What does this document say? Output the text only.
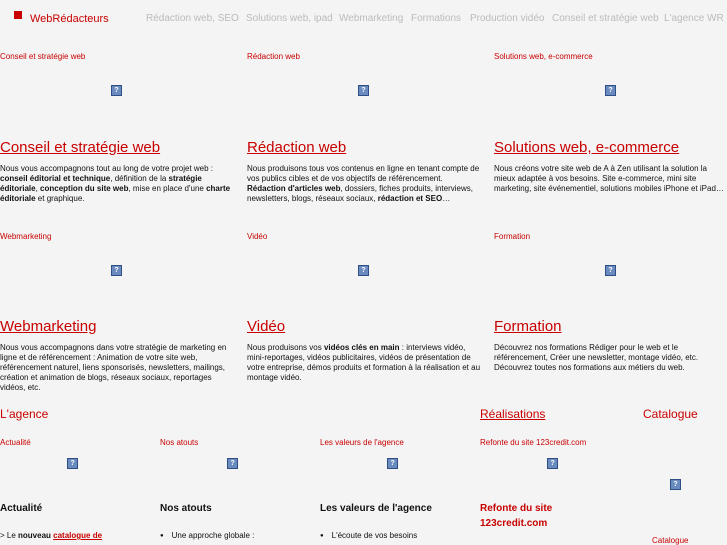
WebRédacteurs	Rédaction web, SEO Solutions web, ipad Webmarketing Formations Production vidéo Conseil et stratégie web L'agence WR
Conseil et stratégie web	Rédaction web	Solutions web, e-commerce
?	?	?
Conseil et stratégie web	Rédaction web	Solutions web, e-commerce
Nous vous accompagnons tout au long de votre projet web : conseil éditorial et technique, définition de la stratégie éditoriale, conception du site web, mise en place d'une charte éditoriale et graphique.
Nous produisons tous vos contenus en ligne en tenant compte de vos publics cibles et de vos objectifs de référencement. Rédaction d'articles web, dossiers, fiches produits, interviews, newsletters, blogs, réseaux sociaux, rédaction et SEO…
Nous créons votre site web de A à Zen utilisant la solution la mieux adaptée à vos besoins. Site e-commerce, mini site marketing, site événementiel, solutions mobiles iPhone et iPad…
Webmarketing	Vidéo	Formation
?	?	?
Webmarketing	Vidéo	Formation
Nous vous accompagnons dans votre stratégie de marketing en ligne et de référencement : Animation de votre site web, référencement naturel, liens sponsorisés, newsletters, mailings, création et animation de blogs, réseaux sociaux, reportages vidéos, etc.
Nous produisons vos vidéos clés en main : interviews vidéo, mini-reportages, vidéos publicitaires, vidéos de présentation de votre entreprise, démos produits et formation à la réalisation et au montage vidéo.
Découvrez nos formations Rédiger pour le web et le référencement, Créer une newsletter, montage vidéo, etc. Découvrez toutes nos formations aux métiers du web.
L'agence	Réalisations	Catalogue
Actualité	Nos atouts	Les valeurs de l'agence	Refonte du site 123credit.com
?	?	?	?
?
Actualité	Nos atouts	Les valeurs de l'agence	Refonte du site
123credit.com
> Le nouveau catalogue de	● Une approche globale :	● L'écoute de vos besoins
Catalogue
